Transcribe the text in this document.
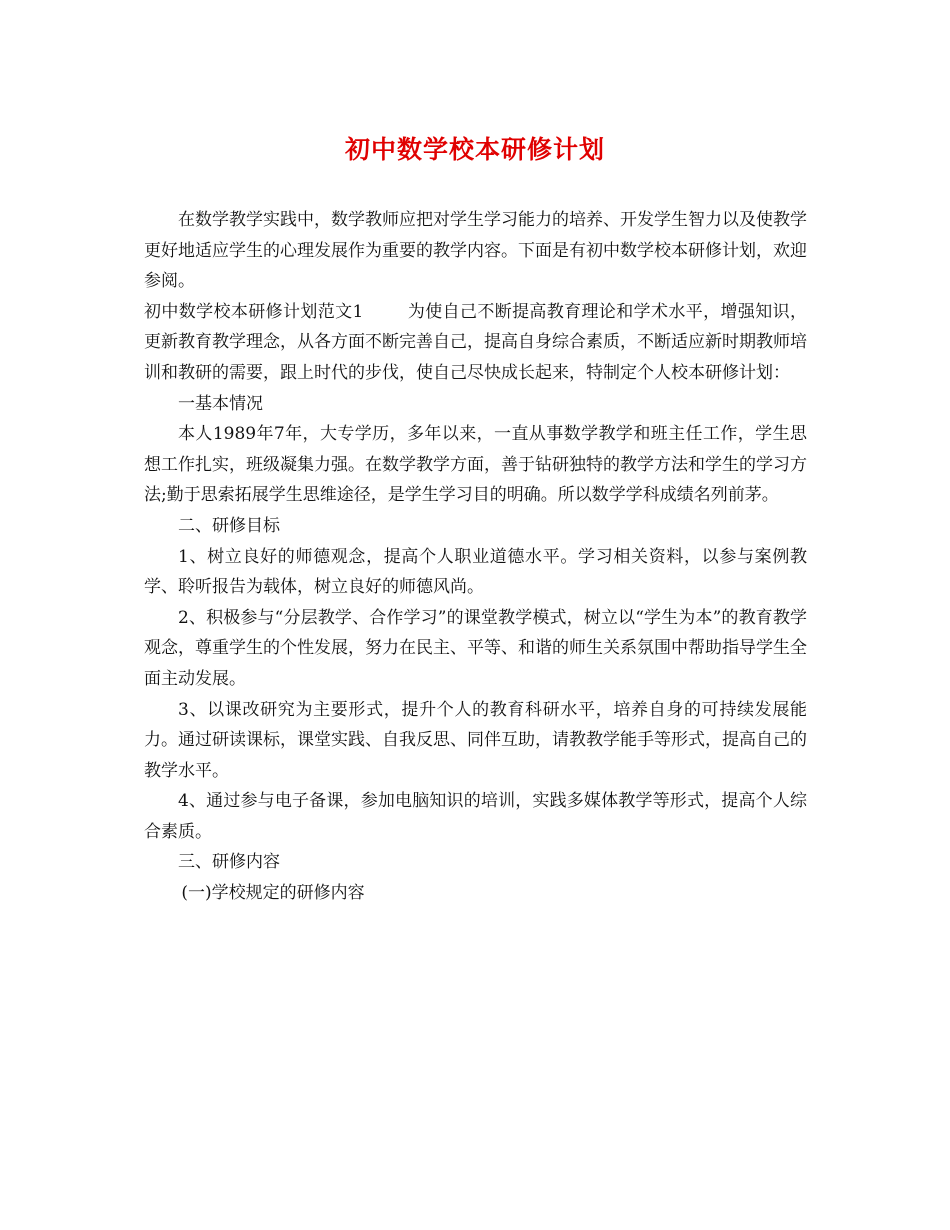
初中数学校本研修计划

在数学教学实践中，数学教师应把对学生学习能力的培养、开发学生智力以及使教学更好地适应学生的心理发展作为重要的教学内容。下面是有初中数学校本研修计划，欢迎参阅。

初中数学校本研修计划范文1	为使自己不断提高教育理论和学术水平，增强知识，更新教育教学理念，从各方面不断完善自己，提高自身综合素质，不断适应新时期教师培训和教研的需要，跟上时代的步伐，使自己尽快成长起来，特制定个人校本研修计划：

一基本情况

本人1989年7年，大专学历，多年以来，一直从事数学教学和班主任工作，学生思想工作扎实，班级凝集力强。在数学教学方面，善于钻研独特的教学方法和学生的学习方法;勤于思索拓展学生思维途径，是学生学习目的明确。所以数学学科成绩名列前茅。

二、研修目标

1、树立良好的师德观念，提高个人职业道德水平。学习相关资料，以参与案例教学、聆听报告为载体，树立良好的师德风尚。

2、积极参与“分层教学、合作学习”的课堂教学模式，树立以“学生为本”的教育教学观念，尊重学生的个性发展，努力在民主、平等、和谐的师生关系氛围中帮助指导学生全面主动发展。

3、以课改研究为主要形式，提升个人的教育科研水平，培养自身的可持续发展能力。通过研读课标，课堂实践、自我反思、同伴互助，请教教学能手等形式，提高自己的教学水平。

4、通过参与电子备课，参加电脑知识的培训，实践多媒体教学等形式，提高个人综合素质。

三、研修内容

(一)学校规定的研修内容
